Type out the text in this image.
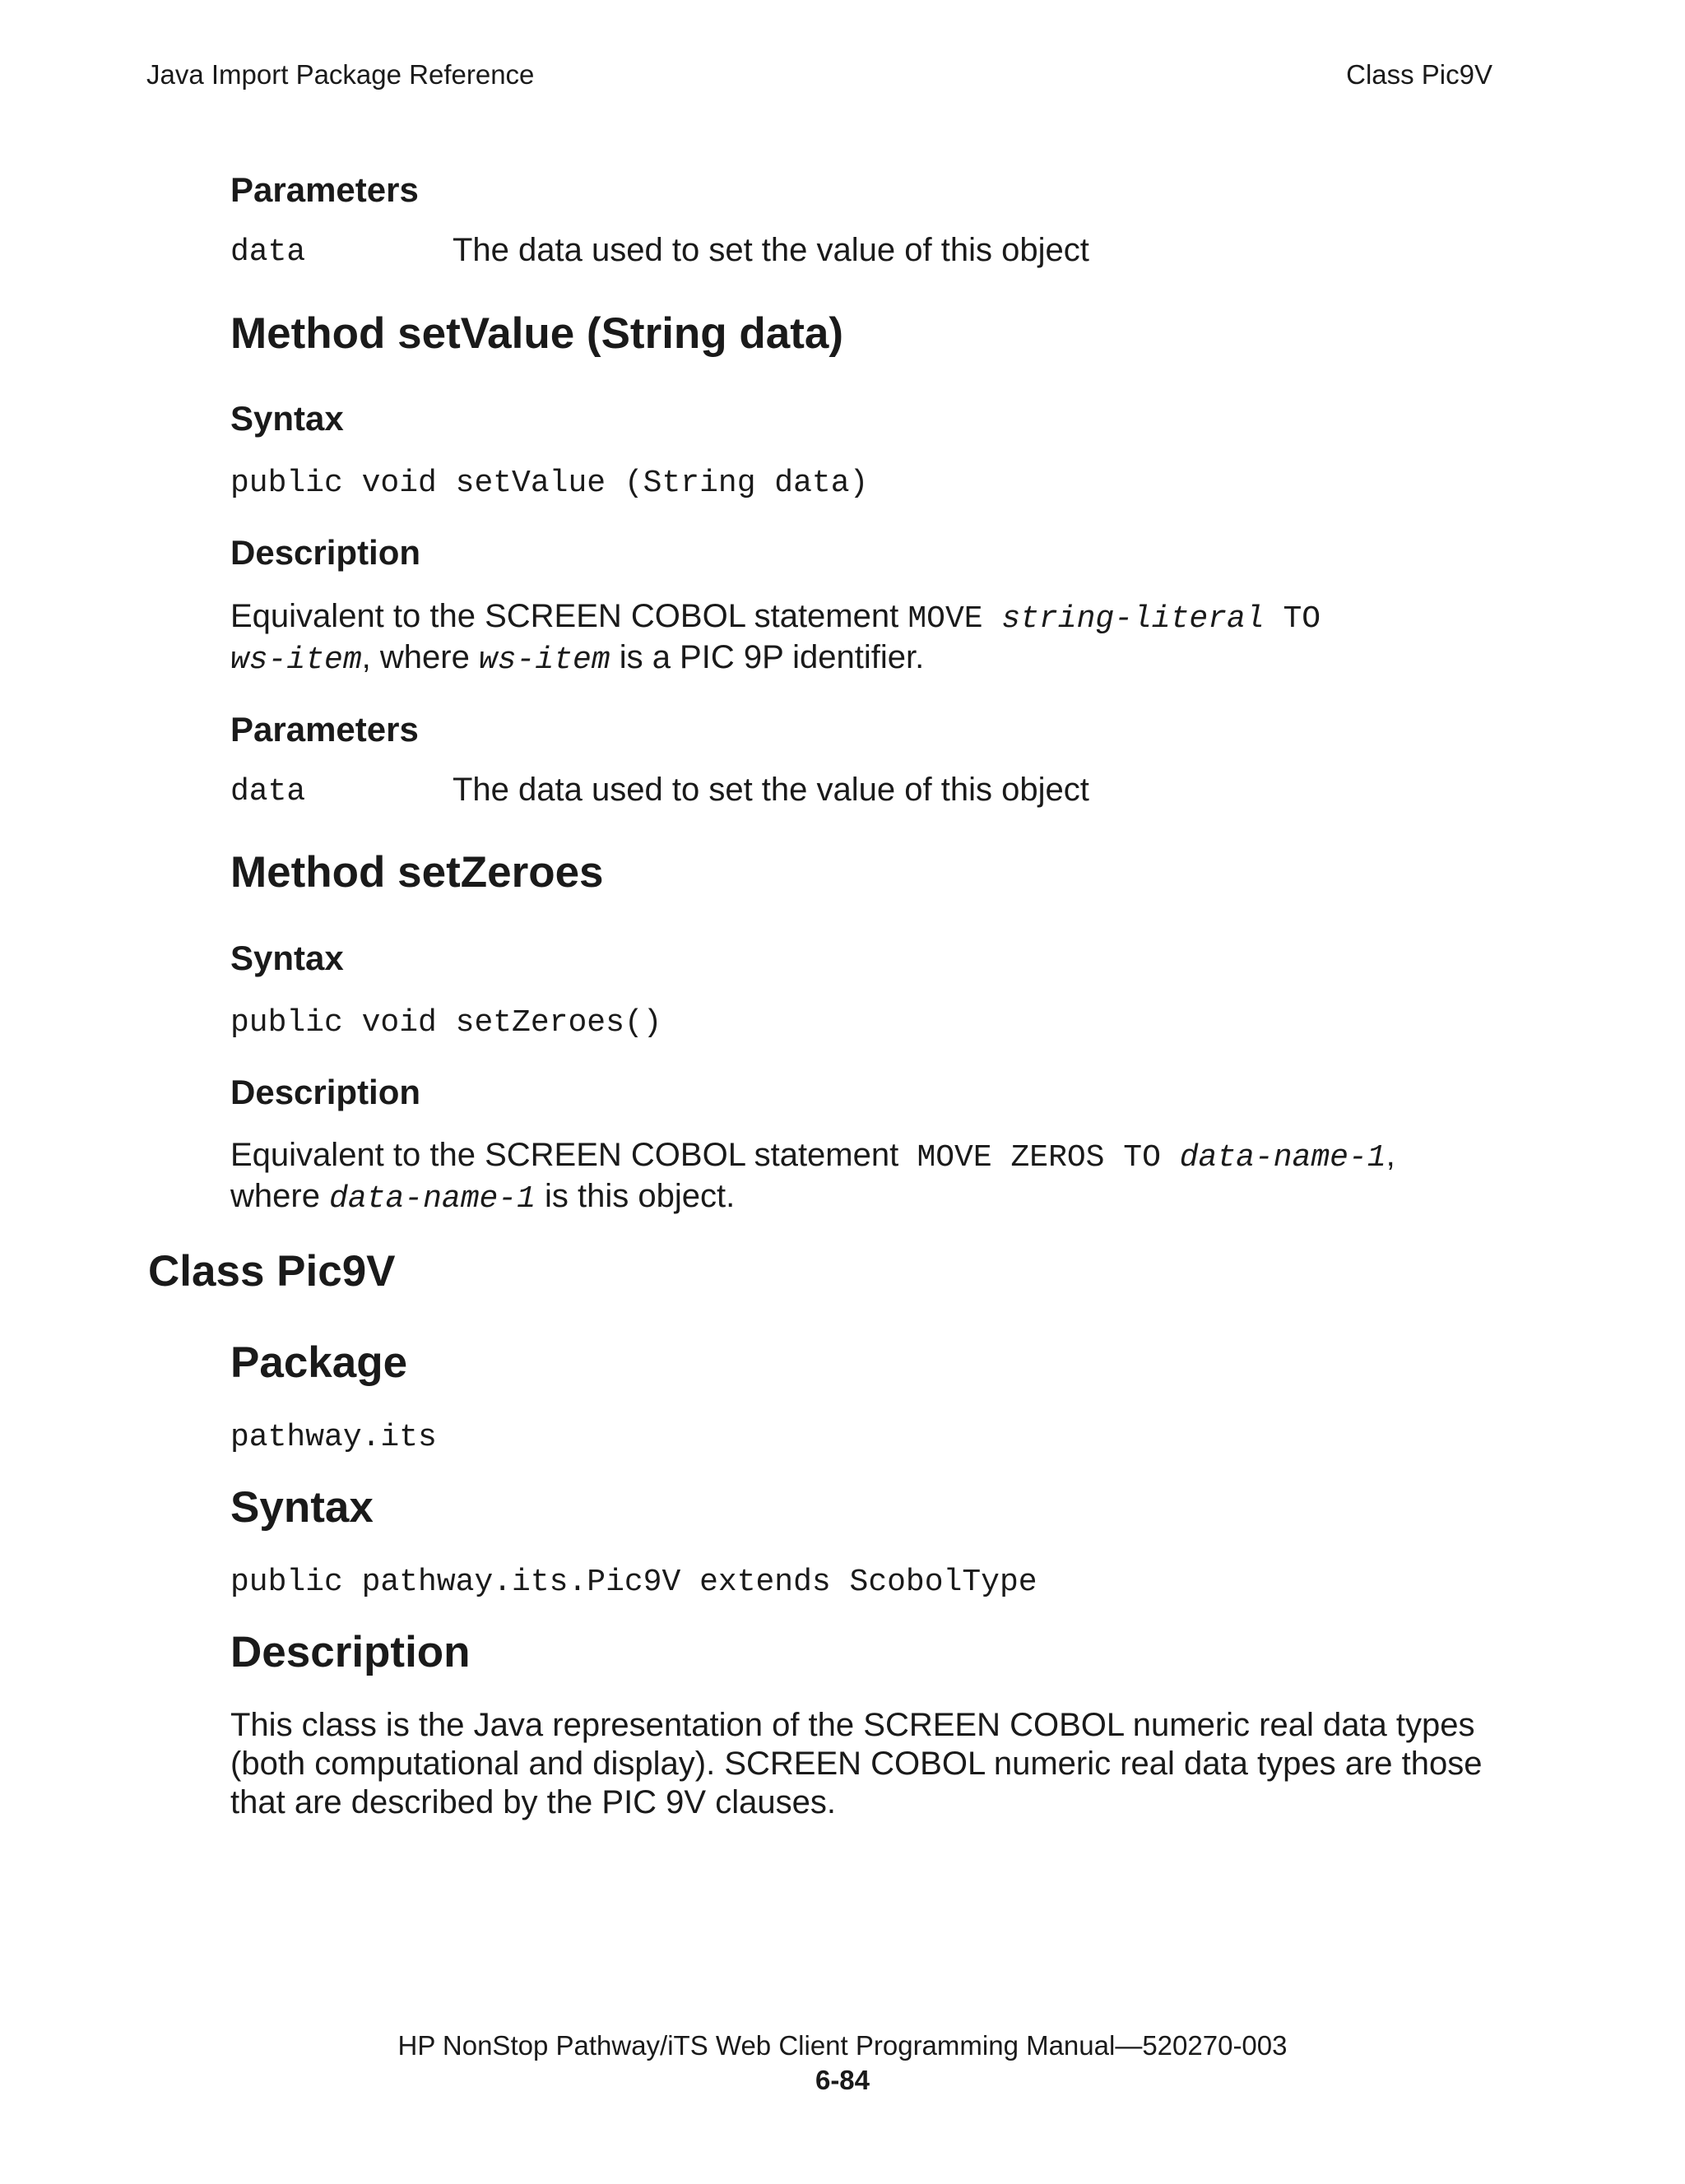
Java Import Package Reference	Class Pic9V
Parameters
data	The data used to set the value of this object
Method setValue (String data)
Syntax
public void setValue (String data)
Description
Equivalent to the SCREEN COBOL statement MOVE string-literal TO
ws-item, where ws-item is a PIC 9P identifier.
Parameters
data	The data used to set the value of this object
Method setZeroes
Syntax
public void setZeroes()
Description
Equivalent to the SCREEN COBOL statement  MOVE ZEROS TO data-name-1,
where data-name-1 is this object.
Class Pic9V
Package
pathway.its
Syntax
public pathway.its.Pic9V extends ScobolType
Description
This class is the Java representation of the SCREEN COBOL numeric real data types
(both computational and display). SCREEN COBOL numeric real data types are those
that are described by the PIC 9V clauses.
HP NonStop Pathway/iTS Web Client Programming Manual—520270-003
6-84
